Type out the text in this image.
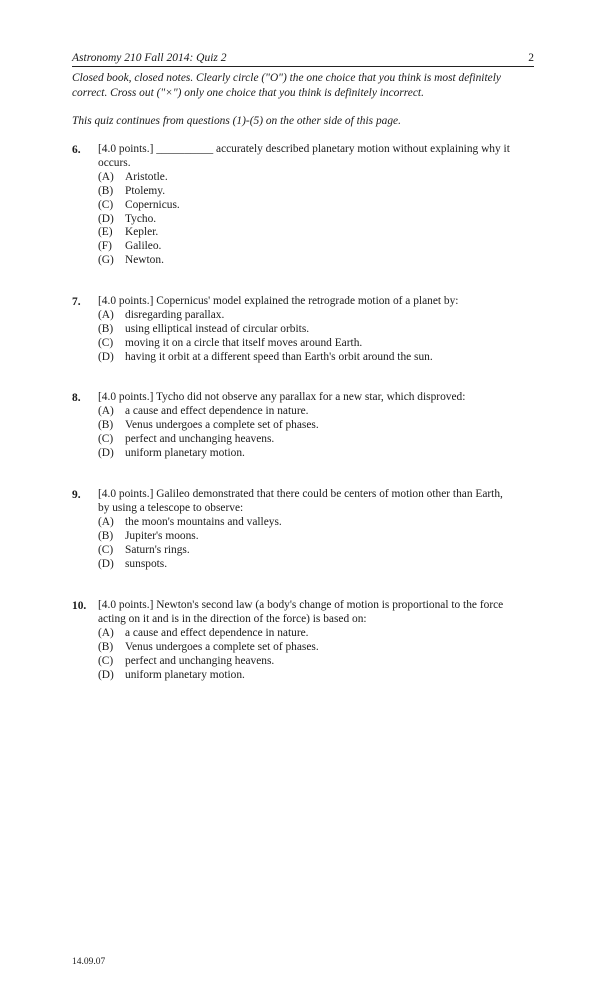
Astronomy 210 Fall 2014: Quiz 2	2
Closed book, closed notes. Clearly circle ("O") the one choice that you think is most definitely
correct. Cross out ("×") only one choice that you think is definitely incorrect.
This quiz continues from questions (1)-(5) on the other side of this page.
6. [4.0 points.] __________ accurately described planetary motion without explaining why it
occurs.
(A) Aristotle.
(B) Ptolemy.
(C) Copernicus.
(D) Tycho.
(E) Kepler.
(F) Galileo.
(G) Newton.
7. [4.0 points.] Copernicus' model explained the retrograde motion of a planet by:
(A) disregarding parallax.
(B) using elliptical instead of circular orbits.
(C) moving it on a circle that itself moves around Earth.
(D) having it orbit at a different speed than Earth's orbit around the sun.
8. [4.0 points.] Tycho did not observe any parallax for a new star, which disproved:
(A) a cause and effect dependence in nature.
(B) Venus undergoes a complete set of phases.
(C) perfect and unchanging heavens.
(D) uniform planetary motion.
9. [4.0 points.] Galileo demonstrated that there could be centers of motion other than Earth,
by using a telescope to observe:
(A) the moon's mountains and valleys.
(B) Jupiter's moons.
(C) Saturn's rings.
(D) sunspots.
10. [4.0 points.] Newton's second law (a body's change of motion is proportional to the force
acting on it and is in the direction of the force) is based on:
(A) a cause and effect dependence in nature.
(B) Venus undergoes a complete set of phases.
(C) perfect and unchanging heavens.
(D) uniform planetary motion.
14.09.07
